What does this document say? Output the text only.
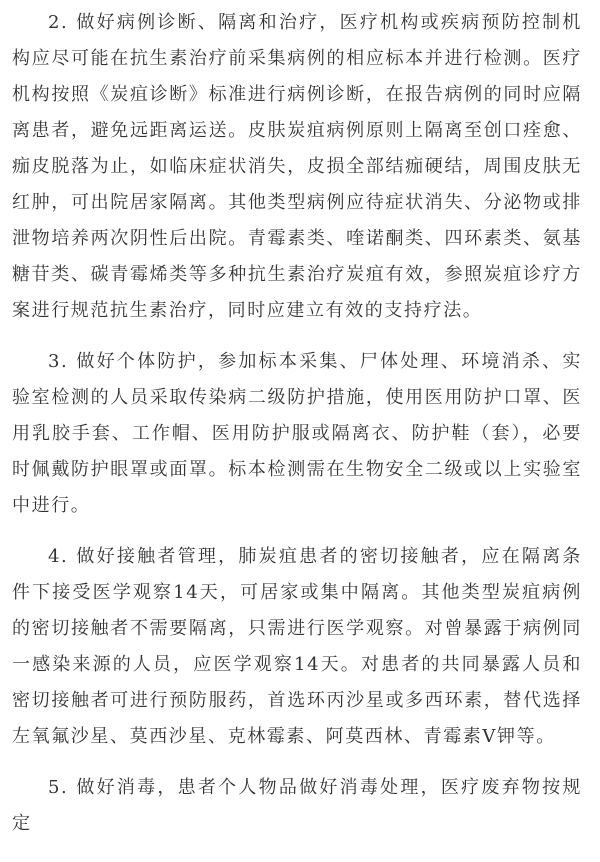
2. 做好病例诊断、隔离和治疗，医疗机构或疾病预防控制机构应尽可能在抗生素治疗前采集病例的相应标本并进行检测。医疗机构按照《炭疽诊断》标准进行病例诊断，在报告病例的同时应隔离患者，避免远距离运送。皮肤炭疽病例原则上隔离至创口痊愈、痂皮脱落为止，如临床症状消失，皮损全部结痂硬结，周围皮肤无红肿，可出院居家隔离。其他类型病例应待症状消失、分泌物或排泄物培养两次阴性后出院。青霉素类、喹诺酮类、四环素类、氨基糖苷类、碳青霉烯类等多种抗生素治疗炭疽有效，参照炭疽诊疗方案进行规范抗生素治疗，同时应建立有效的支持疗法。

3. 做好个体防护，参加标本采集、尸体处理、环境消杀、实验室检测的人员采取传染病二级防护措施，使用医用防护口罩、医用乳胶手套、工作帽、医用防护服或隔离衣、防护鞋（套），必要时佩戴防护眼罩或面罩。标本检测需在生物安全二级或以上实验室中进行。

4. 做好接触者管理，肺炭疽患者的密切接触者，应在隔离条件下接受医学观察14天，可居家或集中隔离。其他类型炭疽病例的密切接触者不需要隔离，只需进行医学观察。对曾暴露于病例同一感染来源的人员，应医学观察14天。对患者的共同暴露人员和密切接触者可进行预防服药，首选环丙沙星或多西环素，替代选择左氧氟沙星、莫西沙星、克林霉素、阿莫西林、青霉素V钾等。

5. 做好消毒，患者个人物品做好消毒处理，医疗废弃物按规定
